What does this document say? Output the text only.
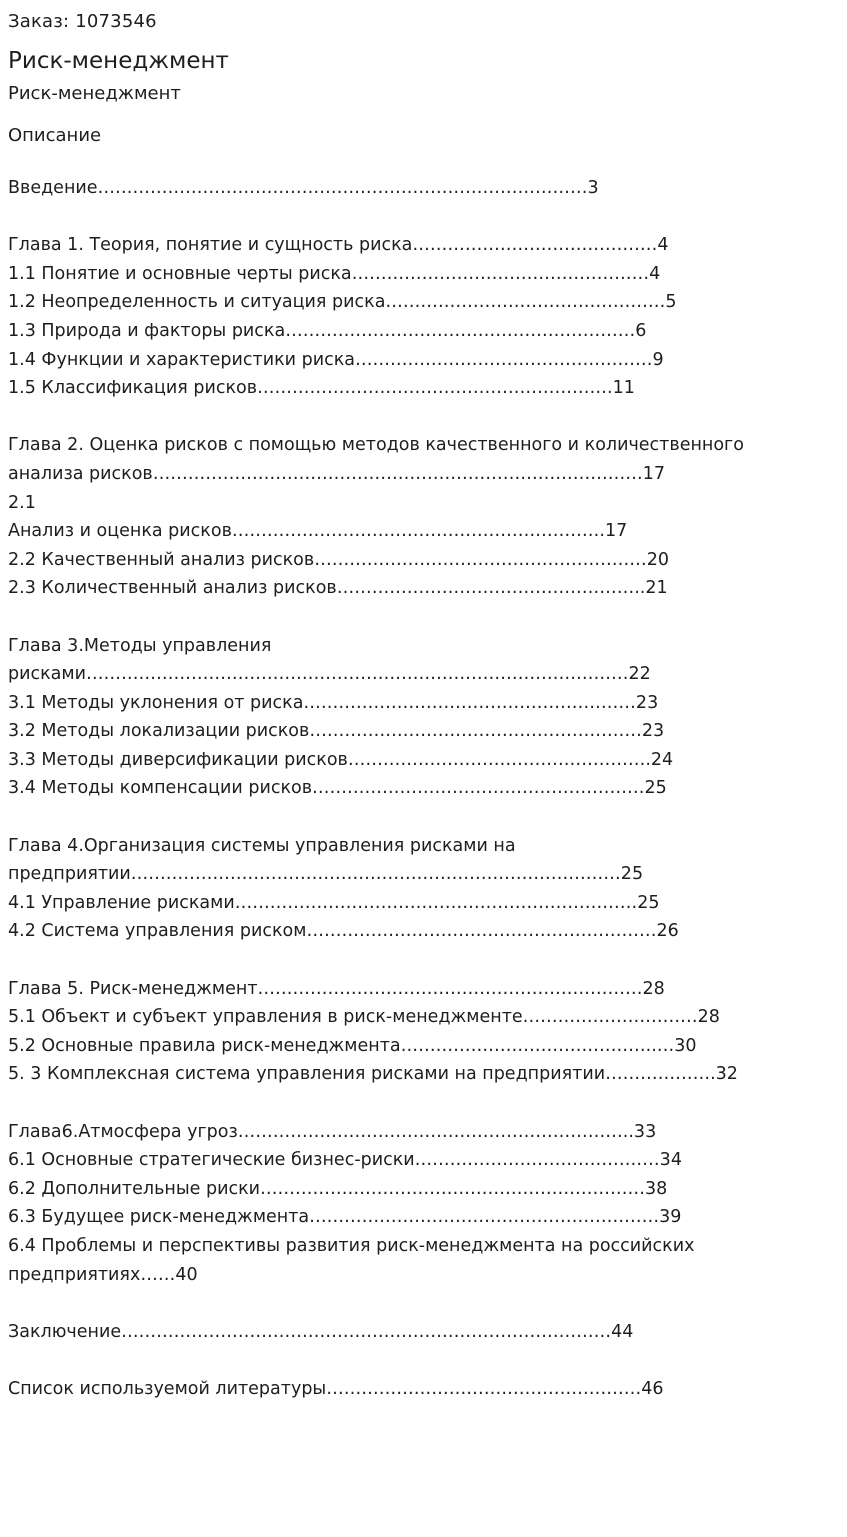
Заказ: 1073546

Риск-менеджмент

Риск-менеджмент

Описание

Введение…………………………………………………………………………3

Глава 1. Теория, понятие и сущность риска……………………………………4

1.1 Понятие и основные черты риска……………………………………………4

1.2 Неопределенность и ситуация риска…………………………………………5

1.3 Природа и факторы риска……………………………………………………6

1.4 Функции и характеристики риска……………………………………………9

1.5 Классификация рисков…………………………………………………….11

Глава 2. Оценка рисков с помощью методов качественного и количественного

анализа рисков…………………………………………………………………………17

2.1

Анализ и оценка рисков……………………………………………………….17

2.2 Качественный анализ рисков…………………………………………………20

2.3 Количественный анализ рисков……………………………………………..21

Глава 3.Методы управления

рисками…………………………………………………………………………………22

3.1 Методы уклонения от риска…………………………………………………23

3.2 Методы локализации рисков…………………………………………………23

3.3 Методы диверсификации рисков…………………………………………….24

3.4 Методы компенсации рисков…………………………………………………25

Глава 4.Организация системы управления рисками на

предприятии…………………………………………………………………………25

4.1 Управление рисками……………………………………………………………25

4.2 Система управления риском……………………………………………………26

Глава 5. Риск-менеджмент…………………………………………………………28

5.1 Объект и субъект управления в риск-менеджменте…………………………28

5.2 Основные правила риск-менеджмента……………………………………..…30

5. 3 Комплексная система управления рисками на предприятии……………….32

Глава6.Атмосфера угроз…………………………………………………………..33

6.1 Основные стратегические бизнес-риски……………………………………34

6.2 Дополнительные риски…………………………………………………………38

6.3 Будущее риск-менеджмента……………………………………………………39

6.4 Проблемы и перспективы развития риск-менеджмента на российских

предприятиях……40

Заключение…………………………………………………………………………44

Список используемой литературы………………………………………………46
